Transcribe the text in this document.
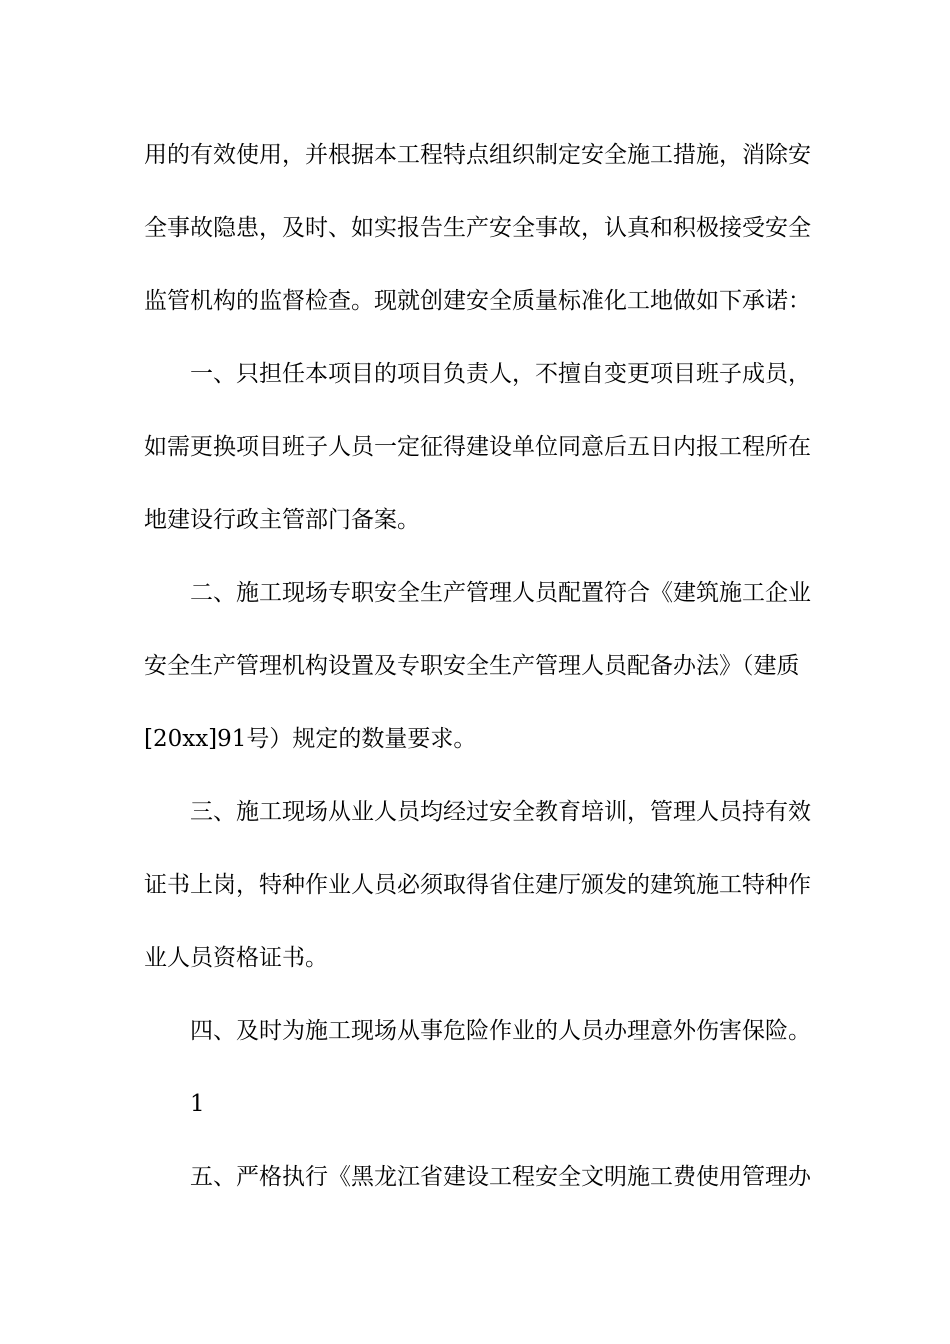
用的有效使用，并根据本工程特点组织制定安全施工措施，消除安
全事故隐患，及时、如实报告生产安全事故，认真和积极接受安全
监管机构的监督检查。现就创建安全质量标准化工地做如下承诺：
一、只担任本项目的项目负责人，不擅自变更项目班子成员，
如需更换项目班子人员一定征得建设单位同意后五日内报工程所在
地建设行政主管部门备案。
二、施工现场专职安全生产管理人员配置符合《建筑施工企业
安全生产管理机构设置及专职安全生产管理人员配备办法》（建质
[20xx]91号）规定的数量要求。
三、施工现场从业人员均经过安全教育培训，管理人员持有效
证书上岗，特种作业人员必须取得省住建厅颁发的建筑施工特种作
业人员资格证书。
四、及时为施工现场从事危险作业的人员办理意外伤害保险。
1
五、严格执行《黑龙江省建设工程安全文明施工费使用管理办
